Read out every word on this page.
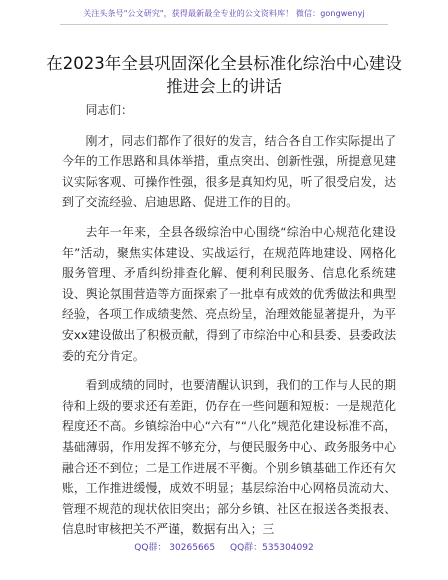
关注头条号"公文研究"，获得最新最全专业的公文资料库！ 微信：gongwenyj
在2023年全县巩固深化全县标准化综治中心建设推进会上的讲话

同志们：

刚才，同志们都作了很好的发言，结合各自工作实际提出了今年的工作思路和具体举措，重点突出、创新性强，所提意见建议实际客观、可操作性强，很多是真知灼见，听了很受启发，达到了交流经验、启迪思路、促进工作的目的。

去年一年来，全县各级综治中心围绕“综治中心规范化建设年”活动，聚焦实体建设、实战运行，在规范阵地建设、网格化服务管理、矛盾纠纷排查化解、便利利民服务、信息化系统建设、舆论氛围营造等方面探索了一批卓有成效的优秀做法和典型经验，各项工作成绩斐然、亮点纷呈，治理效能显著提升，为平安xx建设做出了积极贡献，得到了市综治中心和县委、县委政法委的充分肯定。

看到成绩的同时，也要清醒认识到，我们的工作与人民的期待和上级的要求还有差距，仍存在一些问题和短板：一是规范化程度还不高。乡镇综治中心“六有”“八化”规范化建设标准不高，基础薄弱，作用发挥不够充分，与便民服务中心、政务服务中心融合还不到位；二是工作进展不平衡。个别乡镇基础工作还有欠账，工作推进缓慢，成效不明显；基层综治中心网格员流动大、管理不规范的现状依旧突出；部分乡镇、社区在报送各类报表、信息时审核把关不严谨，数据有出入；三

QQ群： 30265665 QQ群：535304092
